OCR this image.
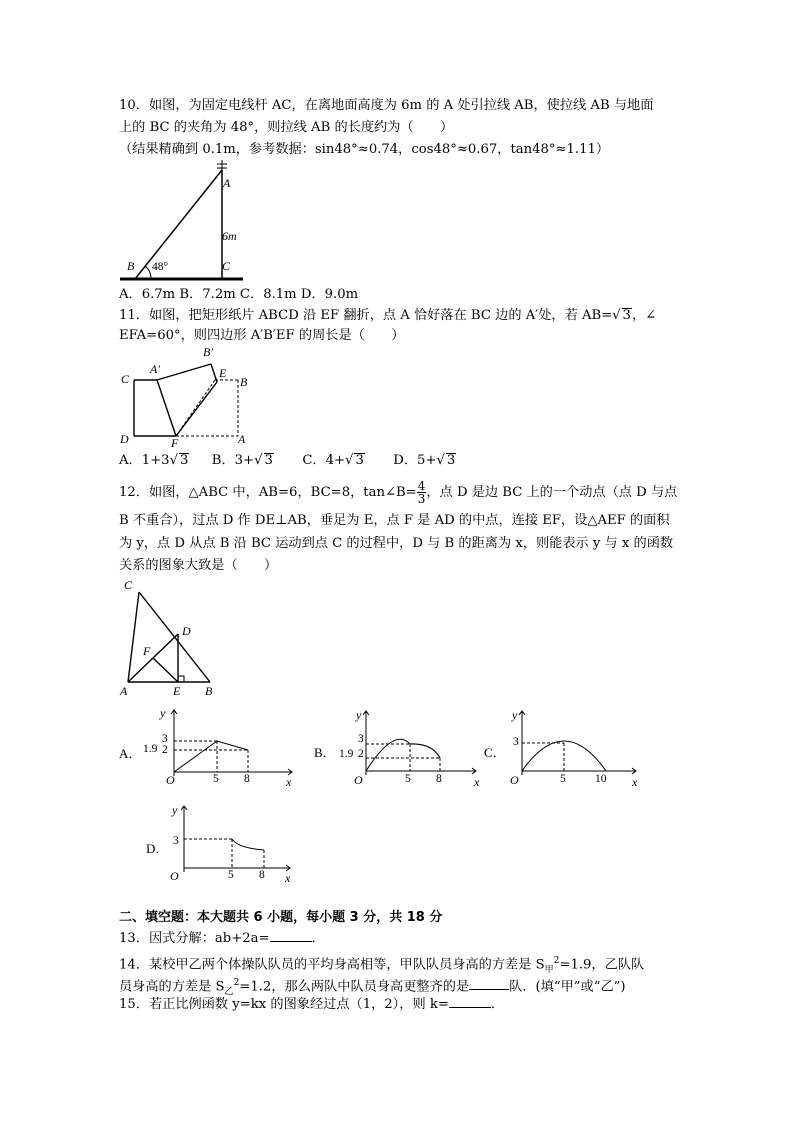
10．如图，为固定电线杆 AC，在离地面高度为 6m 的 A 处引拉线 AB，使拉线 AB 与地面
上的 BC 的夹角为 48°，则拉线 AB 的长度约为（　　）
（结果精确到 0.1m，参考数据：sin48°≈0.74，cos48°≈0.67，tan48°≈1.11）
A
6m
B 48°	C
A．6.7m B．7.2m C．8.1m D．9.0m
11．如图，把矩形纸片 ABCD 沿 EF 翻折，点 A 恰好落在 BC 边的 A′处，若 AB=√ 3，∠
EFA=60°，则四边形 A′B′EF 的周长是（　　）
B′
C
A′	E
B
D	F	A
A．1+3√ 3 B．3+√ 3 C．4+√ 3 D．5+√ 3
12．如图，△ABC 中，AB=6，BC=8，tan∠B= $\frac{4}{3}$ ，点 D 是边 BC 上的一个动点（点 D 与点
B 不重合），过点 D 作 DE⊥AB，垂足为 E，点 F 是 AD 的中点，连接 EF，设△AEF 的面积
为 y，点 D 从点 B 沿 BC 运动到点 C 的过程中，D 与 B 的距离为 x，则能表示 y 与 x 的函数
关系的图象大致是（　　）
C
D
F
A	E B
A． 1.9
3
2
y
O	5 8	x
B． 1.9
3
2
y
O	5 8	x
C．
3
y
O	5	10 x
D． 3
y
O	5 8 x
二、填空题：本大题共 6 小题，每小题 3 分，共 18 分
13．因式分解：ab+2a=	．
14．某校甲乙两个体操队队员的平均身高相等，甲队队员身高的方差是 $S_甲^2=1.9$，乙队队
员身高的方差是 $S_乙^2=1.2$，那么两队中队员身高更整齐的是	队．(填“甲”或“乙”)
15．若正比例函数 y=kx 的图象经过点（1，2），则 k=	．
